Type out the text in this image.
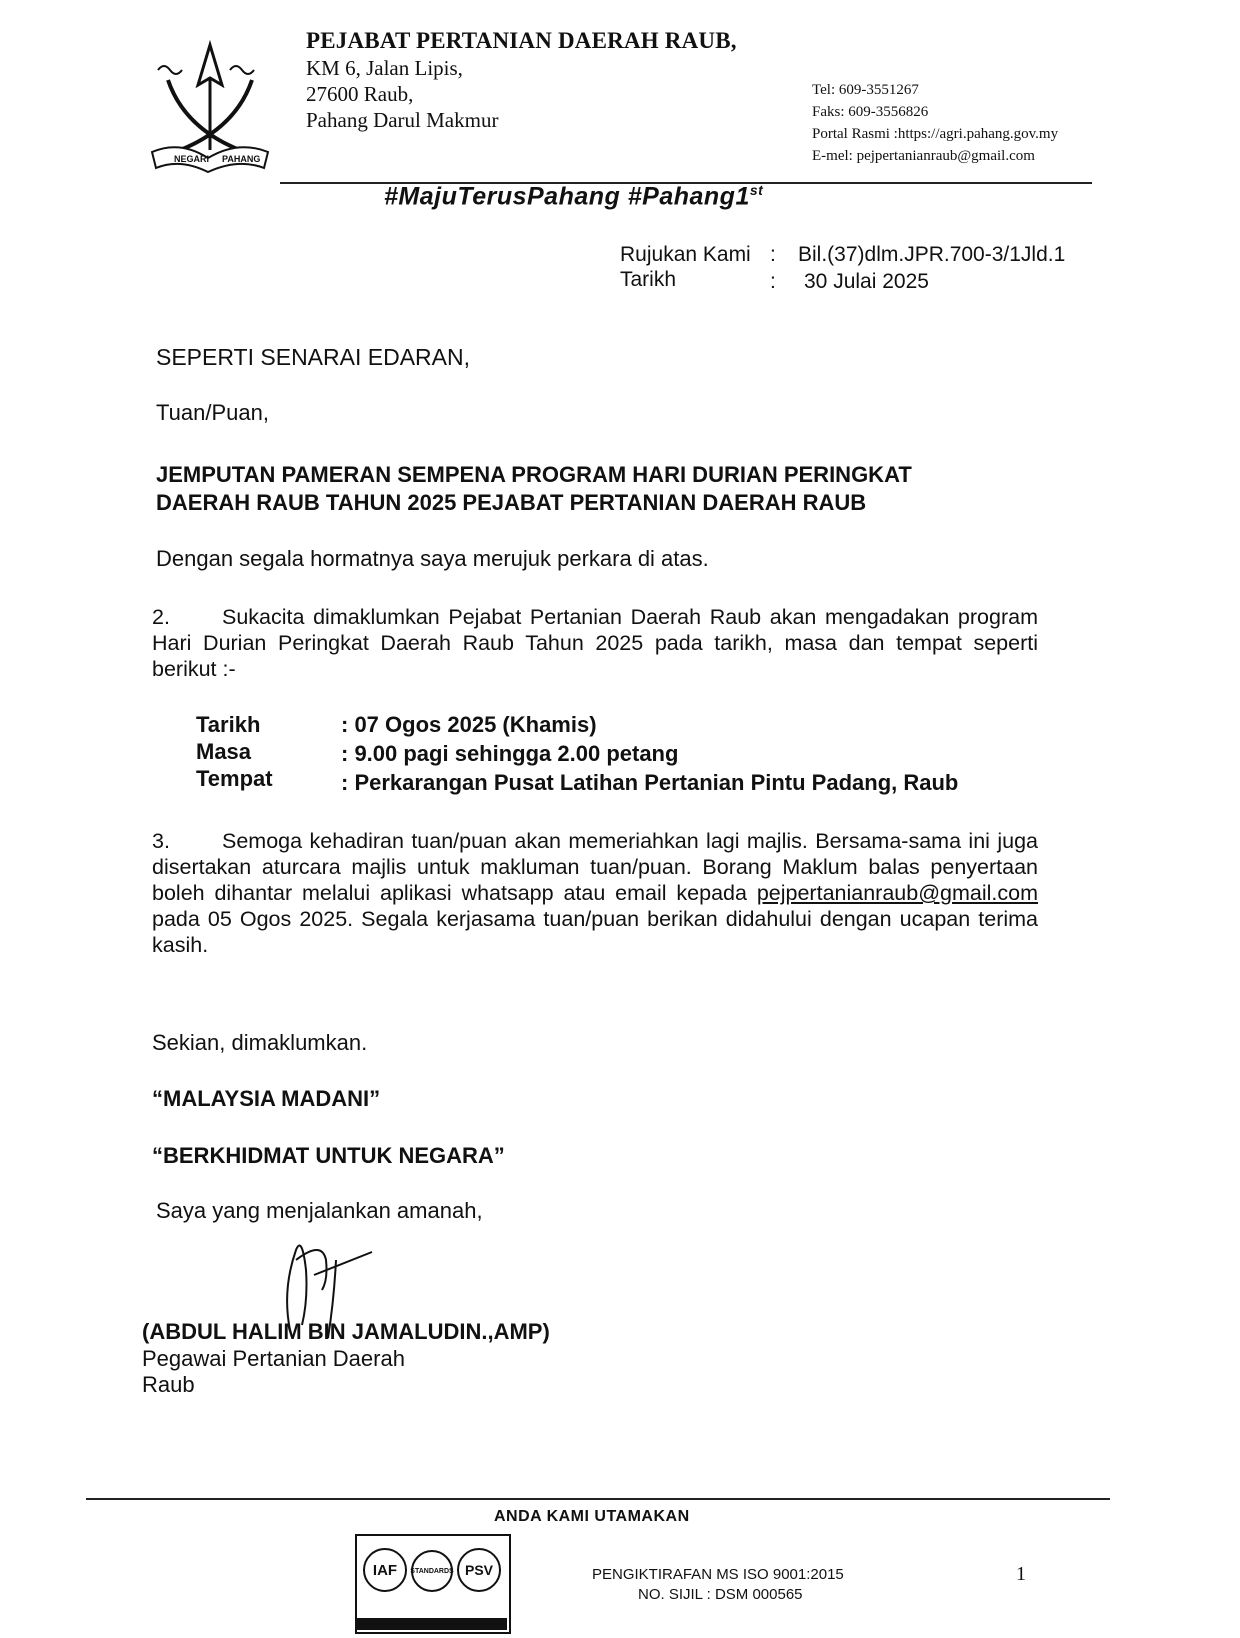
NEGARI PAHANG
PEJABAT PERTANIAN DAERAH RAUB,
KM 6, Jalan Lipis,
27600 Raub,
Pahang Darul Makmur
Tel: 609-3551267
Faks: 609-3556826
Portal Rasmi :https://agri.pahang.gov.my
E-mel: pejpertanianraub@gmail.com
#MajuTerusPahang #Pahang1st
Rujukan Kami : Bil.(37)dlm.JPR.700-3/1Jld.1
Tarikh	: 30 Julai 2025
SEPERTI SENARAI EDARAN,
Tuan/Puan,
JEMPUTAN PAMERAN SEMPENA PROGRAM HARI DURIAN PERINGKAT
DAERAH RAUB TAHUN 2025 PEJABAT PERTANIAN DAERAH RAUB
Dengan segala hormatnya saya merujuk perkara di atas.
2. Sukacita dimaklumkan Pejabat Pertanian Daerah Raub akan mengadakan program Hari Durian Peringkat Daerah Raub Tahun 2025 pada tarikh, masa dan tempat seperti berikut :-
Tarikh	: 07 Ogos 2025 (Khamis)
Masa	: 9.00 pagi sehingga 2.00 petang
Tempat	: Perkarangan Pusat Latihan Pertanian Pintu Padang, Raub
3. Semoga kehadiran tuan/puan akan memeriahkan lagi majlis. Bersama-sama ini juga disertakan aturcara majlis untuk makluman tuan/puan. Borang Maklum balas penyertaan boleh dihantar melalui aplikasi whatsapp atau email kepada pejpertanianraub@gmail.com pada 05 Ogos 2025. Segala kerjasama tuan/puan berikan didahului dengan ucapan terima kasih.
Sekian, dimaklumkan.
“MALAYSIA MADANI”
“BERKHIDMAT UNTUK NEGARA”
Saya yang menjalankan amanah,
(ABDUL HALIM BIN JAMALUDIN.,AMP)
Pegawai Pertanian Daerah
Raub
ANDA KAMI UTAMAKAN
IAF STANDARDS PSV	PENGIKTIRAFAN MS ISO 9001:2015
NO. SIJIL : DSM 000565
1
